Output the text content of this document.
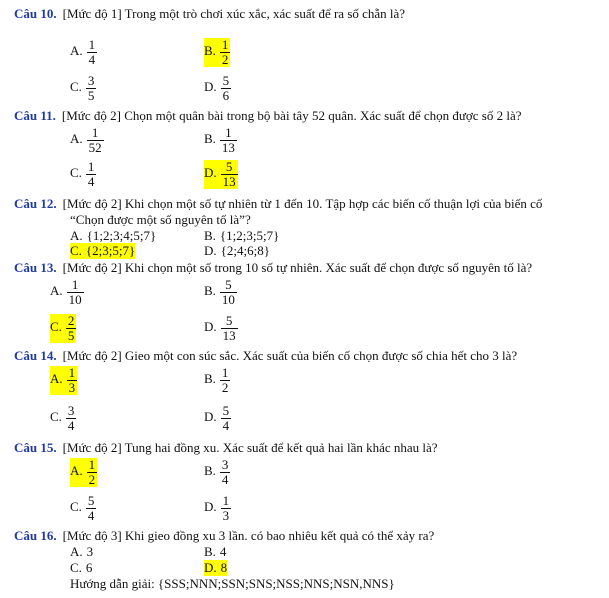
Câu 10. [Mức độ 1] Trong một trò chơi xúc xắc, xác suất để ra số chẵn là?
A. $\frac{1}{4}$	B. $\frac{1}{2}$
C. $\frac{3}{5}$	D. $\frac{5}{6}$
Câu 11. [Mức độ 2] Chọn một quân bài trong bộ bài tây 52 quân. Xác suất để chọn được số 2 là?
A. $\frac{1}{52}$	B. $\frac{1}{13}$
C. $\frac{1}{4}$	D. $\frac{5}{13}$
Câu 12. [Mức độ 2] Khi chọn một số tự nhiên từ 1 đến 10. Tập hợp các biến cố thuận lợi của biến cố
“Chọn được một số nguyên tố là”?
A. {1;2;3;4;5;7}	B. {1;2;3;5;7}
C. {2;3;5;7}	D. {2;4;6;8}
Câu 13. [Mức độ 2] Khi chọn một số trong 10 số tự nhiên. Xác suất để chọn được số nguyên tố là?
A. $\frac{1}{10}$	B. $\frac{5}{10}$
C. $\frac{2}{5}$	D. $\frac{5}{13}$
Câu 14. [Mức độ 2] Gieo một con súc sắc. Xác suất của biến cố chọn được số chia hết cho 3 là?
A. $\frac{1}{3}$	B. $\frac{1}{2}$
C. $\frac{3}{4}$	D. $\frac{5}{4}$
Câu 15. [Mức độ 2] Tung hai đồng xu. Xác suất để kết quả hai lần khác nhau là?
A. $\frac{1}{2}$	B. $\frac{3}{4}$
C. $\frac{5}{4}$	D. $\frac{1}{3}$
Câu 16. [Mức độ 3] Khi gieo đồng xu 3 lần. có bao nhiêu kết quả có thể xảy ra?
A. 3	B. 4
C. 6	D. 8
Hướng dẫn giải: {SSS;NNN;SSN;SNS;NSS;NNS;NSN,NNS}
